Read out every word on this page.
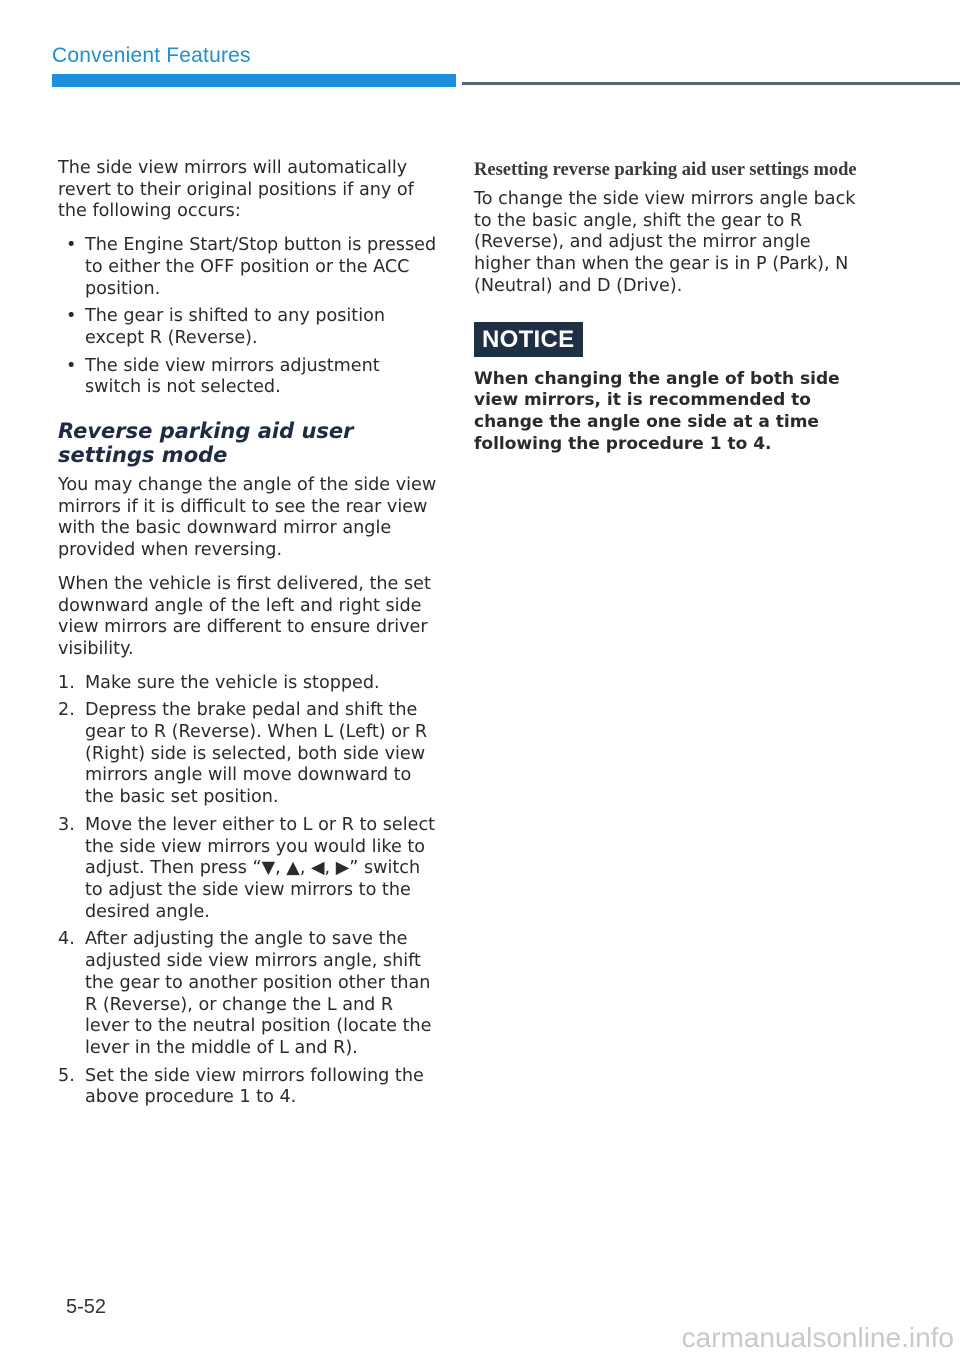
Convenient Features

The side view mirrors will automatically revert to their original positions if any of the following occurs:

• The Engine Start/Stop button is pressed to either the OFF position or the ACC position.
• The gear is shifted to any position except R (Reverse).
• The side view mirrors adjustment switch is not selected.
Reverse parking aid user settings mode

You may change the angle of the side view mirrors if it is difficult to see the rear view with the basic downward mirror angle provided when reversing.

When the vehicle is first delivered, the set downward angle of the left and right side view mirrors are different to ensure driver visibility.

1. Make sure the vehicle is stopped.
2. Depress the brake pedal and shift the gear to R (Reverse). When L (Left) or R (Right) side is selected, both side view mirrors angle will move downward to the basic set position.
3. Move the lever either to L or R to select the side view mirrors you would like to adjust. Then press “▼, ▲, ◀, ▶” switch to adjust the side view mirrors to the desired angle.
4. After adjusting the angle to save the adjusted side view mirrors angle, shift the gear to another position other than R (Reverse), or change the L and R lever to the neutral position (locate the lever in the middle of L and R).
5. Set the side view mirrors following the above procedure 1 to 4.
Resetting reverse parking aid user settings mode

To change the side view mirrors angle back to the basic angle, shift the gear to R (Reverse), and adjust the mirror angle higher than when the gear is in P (Park), N (Neutral) and D (Drive).

NOTICE
When changing the angle of both side view mirrors, it is recommended to change the angle one side at a time following the procedure 1 to 4.
5-52
carmanualsonline.info
